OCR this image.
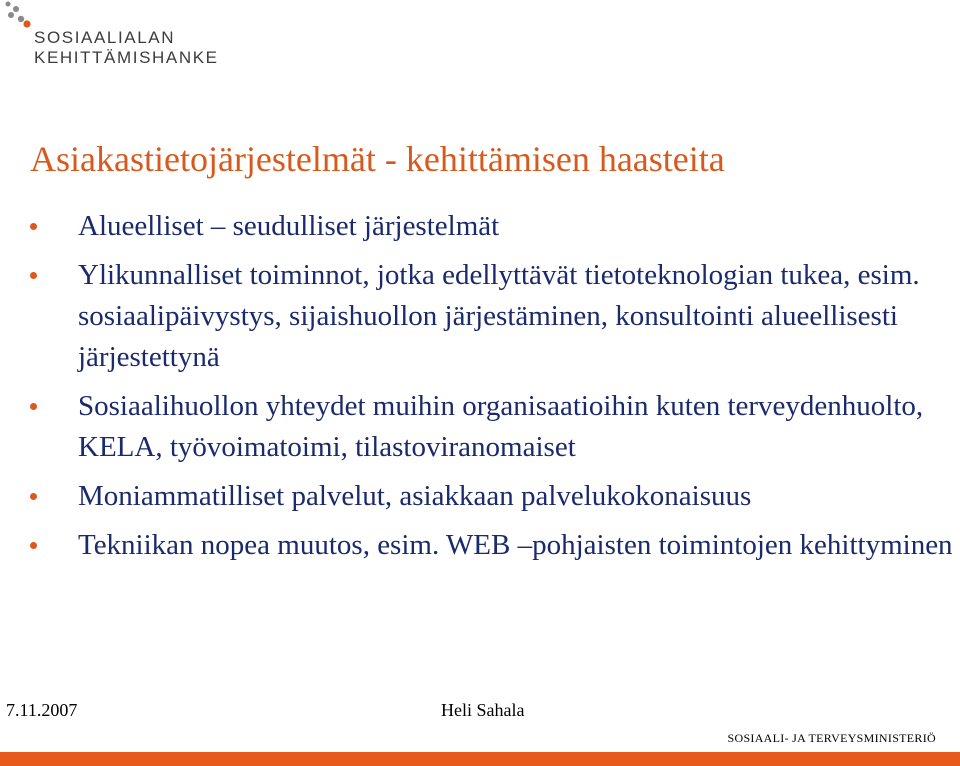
SOSIAALIALAN
KEHITTÄMISHANKE
Asiakastietojärjestelmät - kehittämisen haasteita
Alueelliset – seudulliset järjestelmät
Ylikunnalliset toiminnot, jotka edellyttävät tietoteknologian tukea, esim. sosiaalipäivystys, sijaishuollon järjestäminen, konsultointi alueellisesti järjestettynä
Sosiaalihuollon yhteydet muihin organisaatioihin kuten terveydenhuolto, KELA, työvoimatoimi, tilastoviranomaiset
Moniammatilliset palvelut, asiakkaan palvelukokonaisuus
Tekniikan nopea muutos, esim. WEB –pohjaisten toimintojen kehittyminen
7.11.2007	Heli Sahala
SOSIAALI- JA TERVEYSMINISTERIÖ
